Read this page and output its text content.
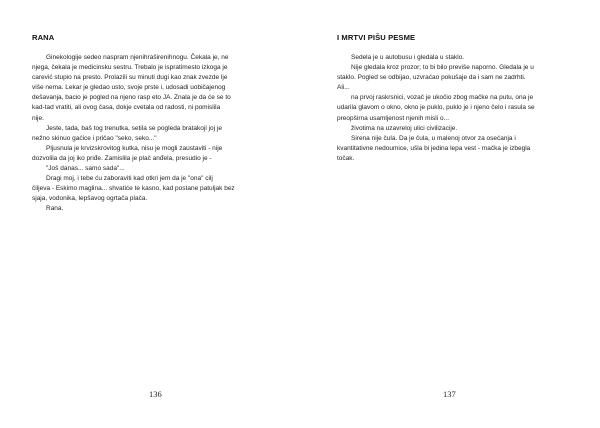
RANA
Ginekologije sedeo naspram njenihraširenihnogu. Čekala je, ne
njega, čekala je medicinsku sestru. Trebalo je ispratimesto izkoga je
carević stupio na presto. Prolazili su minuti dugi kao znak zvezde lje
više nema. Lekar je gledao usto, svoje prste i, udosadi uobičajenog
dešavanja, bacio je pogled na njeno rasp eto JA. Znala je da će se to
kad-tad vratiti, ali ovog časa, dokje cvetala od radosti, ni pomislila
nije.
Jeste, tada, baš tog trenutka, setila se pogleda bratakoji joj je
nežno skinuo gaćice i pričao "seko, seko..."
Pljusnula je krvizskrovitog kutka, nisu je mogli zaustaviti - nije
dozvolila da joj iko priđe. Zamislila je plač anđela, presudio je -
"Još danas... samo sada"...
Dragi moj, i tebe ću zaboraviti kad otkri jem da je "ona" cilj
čiljeva - Eskimo maglina... shvatiće te kasno, kad postane patuljak bez
sjaja, vodonika, lepšavog ogrtača plača.
Rana.
136
I MRTVI PIŠU PESME
Sedela je u autobusu i gledala u staklo.
Nije gledala kroz prozor; to bi bilo previše naporno. Gledala je u
staklo. Pogled se odbijao, uzvraćao pokušaje da i sam ne zadrhti.
Ali...
na prvoj raskrsnici, vozač je ukočio zbog mačke na putu, ona je
udarila glavom o okno, okno je puklo, puklo je i njeno čelo i rasula se
preopširna usamljenost njenih misli o...
životima na uzavreloj ulici civilizacije.
Sirena nije čula. Da je čula, u malenoj otvor za osećanja i
kvantitativne nedoumice, ušla bi jedina lepa vest - mačka je izbegla
točak.
137
